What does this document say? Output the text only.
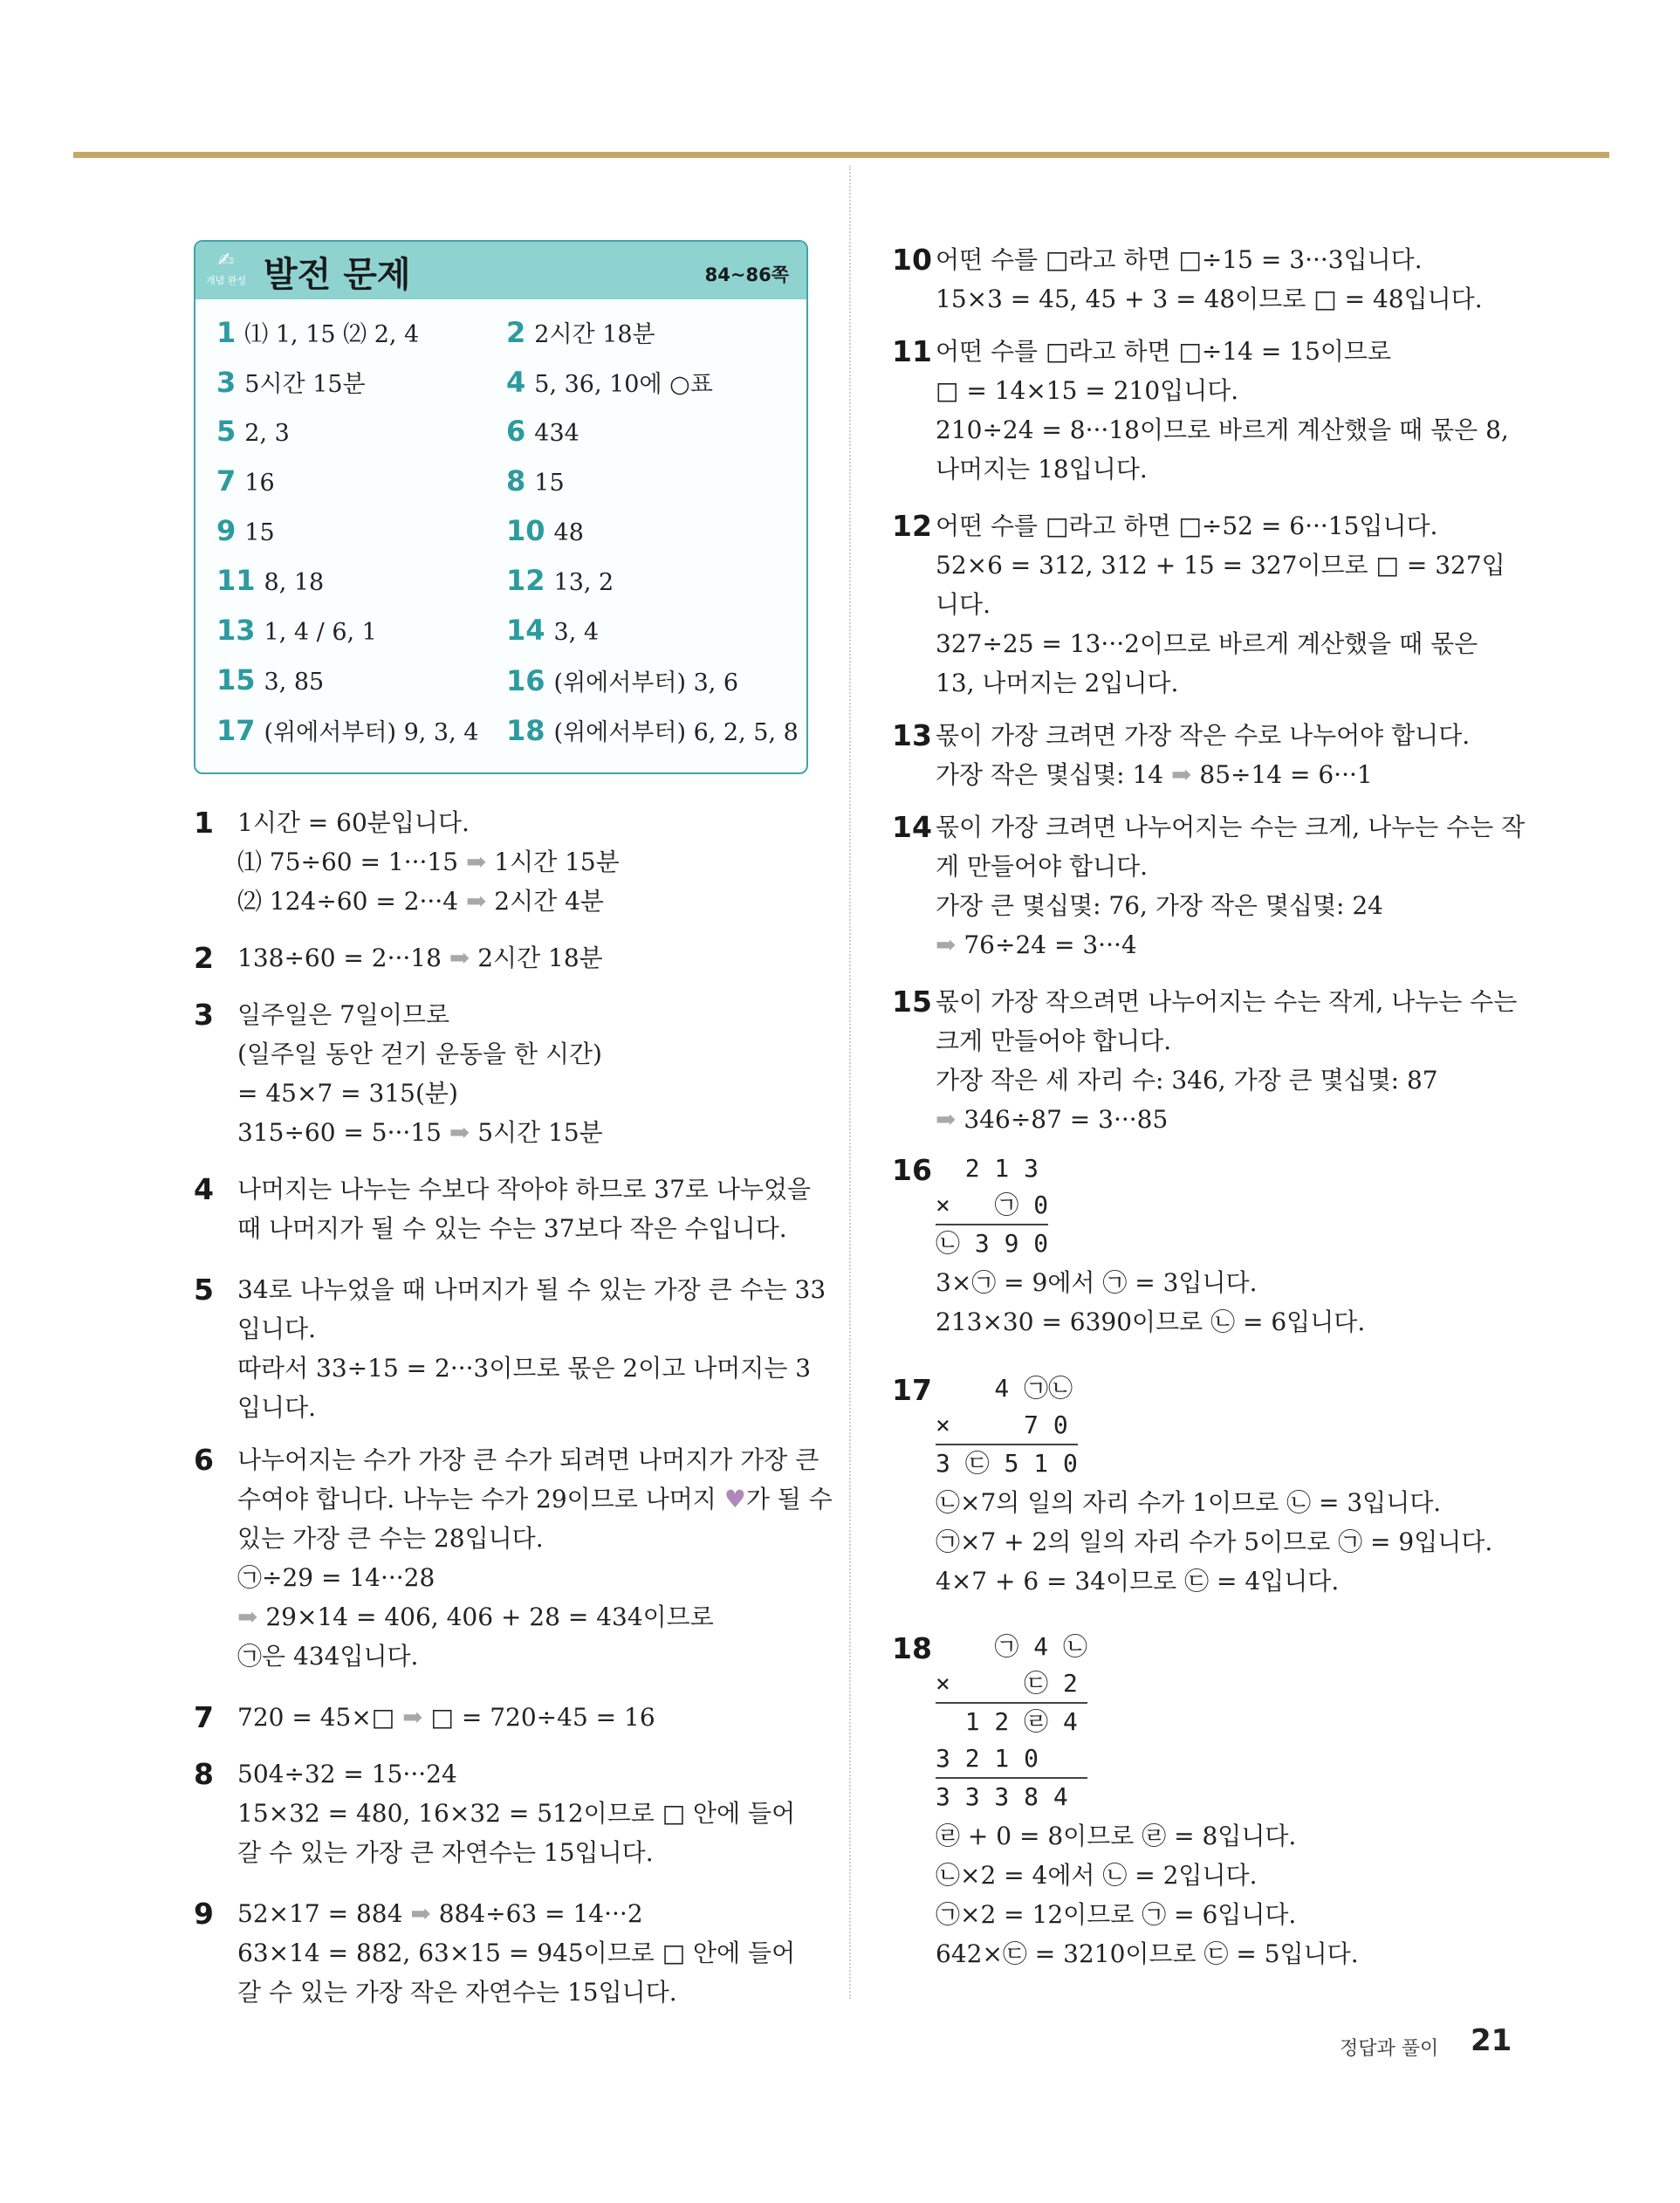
✍
개념 완성 발전 문제	84~86쪽
1 ⑴ 1, 15 ⑵ 2, 4	2 2시간 18분
3 5시간 15분	4 5, 36, 10에 ○표
5 2, 3	6 434
7 16	8 15
9 15	10 48
11 8, 18	12 13, 2
13 1, 4 / 6, 1	14 3, 4
15 3, 85	16 (위에서부터) 3, 6
17 (위에서부터) 9, 3, 4 18 (위에서부터) 6, 2, 5, 8
1 1시간 = 60분입니다.
⑴ 75÷60 = 1···15 ➡ 1시간 15분
⑵ 124÷60 = 2···4 ➡ 2시간 4분
2 138÷60 = 2···18 ➡ 2시간 18분
3 일주일은 7일이므로
(일주일 동안 걷기 운동을 한 시간)
= 45×7 = 315(분)
315÷60 = 5···15 ➡ 5시간 15분
4 나머지는 나누는 수보다 작아야 하므로 37로 나누었을
때 나머지가 될 수 있는 수는 37보다 작은 수입니다.
5 34로 나누었을 때 나머지가 될 수 있는 가장 큰 수는 33
입니다.
따라서 33÷15 = 2···3이므로 몫은 2이고 나머지는 3
입니다.
6 나누어지는 수가 가장 큰 수가 되려면 나머지가 가장 큰
수여야 합니다. 나누는 수가 29이므로 나머지 ♥가 될 수
있는 가장 큰 수는 28입니다.
㉠÷29 = 14···28
➡ 29×14 = 406, 406 + 28 = 434이므로
㉠은 434입니다.
7 720 = 45×□ ➡ □ = 720÷45 = 16
8 504÷32 = 15···24
15×32 = 480, 16×32 = 512이므로 □ 안에 들어
갈 수 있는 가장 큰 자연수는 15입니다.
9 52×17 = 884 ➡ 884÷63 = 14···2
63×14 = 882, 63×15 = 945이므로 □ 안에 들어
갈 수 있는 가장 작은 자연수는 15입니다.
10 어떤 수를 □라고 하면 □÷15 = 3···3입니다.
15×3 = 45, 45 + 3 = 48이므로 □ = 48입니다.
11 어떤 수를 □라고 하면 □÷14 = 15이므로
□ = 14×15 = 210입니다.
210÷24 = 8···18이므로 바르게 계산했을 때 몫은 8,
나머지는 18입니다.
12 어떤 수를 □라고 하면 □÷52 = 6···15입니다.
52×6 = 312, 312 + 15 = 327이므로 □ = 327입
니다.
327÷25 = 13···2이므로 바르게 계산했을 때 몫은
13, 나머지는 2입니다.
13 몫이 가장 크려면 가장 작은 수로 나누어야 합니다.
가장 작은 몇십몇: 14 ➡ 85÷14 = 6···1
14 몫이 가장 크려면 나누어지는 수는 크게, 나누는 수는 작
게 만들어야 합니다.
가장 큰 몇십몇: 76, 가장 작은 몇십몇: 24
➡ 76÷24 = 3···4
15 몫이 가장 작으려면 나누어지는 수는 작게, 나누는 수는
크게 만들어야 합니다.
가장 작은 세 자리 수: 346, 가장 큰 몇십몇: 87
➡ 346÷87 = 3···85
16 2 1 3
×   ㉠ 0
㉡ 3 9 0
3×㉠ = 9에서 ㉠ = 3입니다.
213×30 = 6390이므로 ㉡ = 6입니다.
17 4 ㉠㉡
×     7 0
3 ㉢ 5 1 0
㉡×7의 일의 자리 수가 1이므로 ㉡ = 3입니다.
㉠×7 + 2의 일의 자리 수가 5이므로 ㉠ = 9입니다.
4×7 + 6 = 34이므로 ㉢ = 4입니다.
18 ㉠ 4 ㉡
×     ㉢ 2
1 2 ㉣ 4
3 2 1 0
3 3 3 8 4
㉣ + 0 = 8이므로 ㉣ = 8입니다.
㉡×2 = 4에서 ㉡ = 2입니다.
㉠×2 = 12이므로 ㉠ = 6입니다.
642×㉢ = 3210이므로 ㉢ = 5입니다.
정답과 풀이 21
